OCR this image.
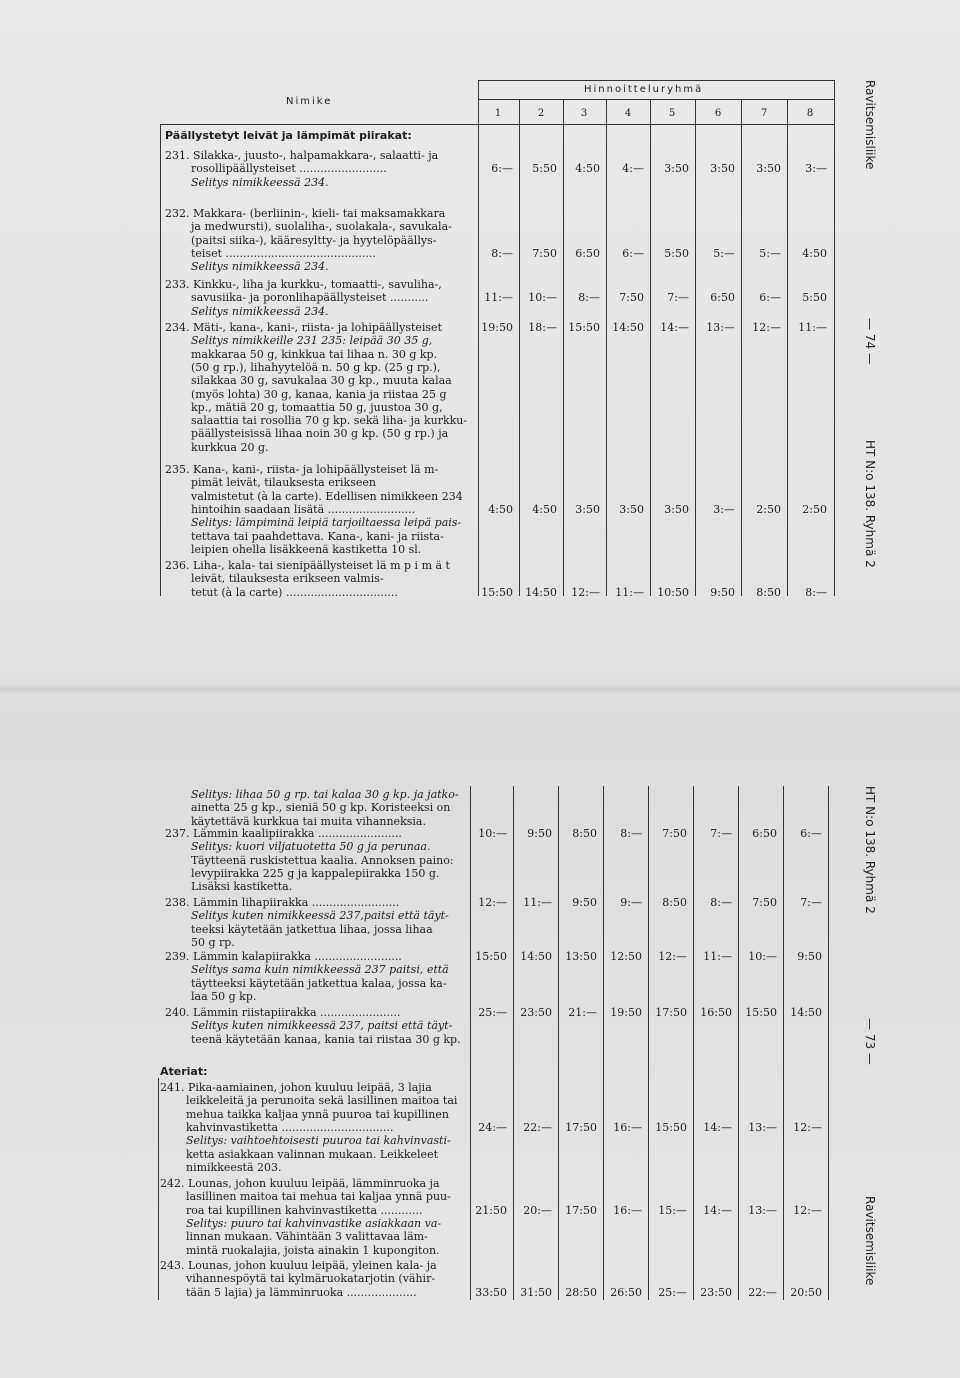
Nimike
Hinnoitteluryhmä
1	2	3	4	5	6	7	8
Päällystetyt leivät ja lämpimät piirakat:
231. Silakka-, juusto-, halpamakkara-, salaatti- ja
rosollipäällysteiset .........................
Selitys nimikkeessä 234.
6:—	5:50	4:50	4:—	3:50	3:50	3:50	3:—
232. Makkara- (berliinin-, kieli- tai maksamakkara
ja medwursti), suolaliha-, suolakala-, savukala-
(paitsi siika-), kääresyltty- ja hyytelöpäällys-
teiset ...........................................
Selitys nimikkeessä 234.
8:—	7:50	6:50	6:—	5:50	5:—	5:—	4:50
233. Kinkku-, liha ja kurkku-, tomaatti-, savuliha-,
savusiika- ja poronlihapäällysteiset ...........
Selitys nimikkeessä 234.
11:—	10:—	8:—	7:50	7:—	6:50	6:—	5:50
234. Mäti-, kana-, kani-, riista- ja lohipäällysteiset
Selitys nimikkeille 231 235: leipää 30 35 g,
makkaraa 50 g, kinkkua tai lihaa n. 30 g kp.
(50 g rp.), lihahyytelöä n. 50 g kp. (25 g rp.),
silakkaa 30 g, savukalaa 30 g kp., muuta kalaa
(myös lohta) 30 g, kanaa, kania ja riistaa 25 g
kp., mätiä 20 g, tomaattia 50 g, juustoa 30 g,
salaattia tai rosollia 70 g kp. sekä liha- ja kurkku-
päällysteisissä lihaa noin 30 g kp. (50 g rp.) ja
kurkkua 20 g.
19:50	18:— 15:50 14:50	14:—	13:—	12:—	11:—
235. Kana-, kani-, riista- ja lohipäällysteiset lä m-
pimät leivät, tilauksesta erikseen
valmistetut (à la carte). Edellisen nimikkeen 234
hintoihin saadaan lisätä .........................
Selitys: lämpiminä leipiä tarjoiltaessa leipä pais-
tettava tai paahdettava. Kana-, kani- ja riista-
leipien ohella lisäkkeenä kastiketta 10 sl.
4:50	4:50	3:50	3:50	3:50	3:—	2:50	2:50
236. Liha-, kala- tai sienipäällysteiset lä m p i m ä t
leivät, tilauksesta erikseen valmis-
tetut (à la carte) ................................	15:50 14:50	12:—	11:— 10:50	9:50	8:50	8:—
Ravitsemisliike
— 74 —
HT N:o 138. Ryhmä 2
Selitys: lihaa 50 g rp. tai kalaa 30 g kp. ja jatko-
ainetta 25 g kp., sieniä 50 g kp. Koristeeksi on
käytettävä kurkkua tai muita vihanneksia.
237. Lämmin kaalipiirakka ........................
Selitys: kuori viljatuotetta 50 g ja perunaa.
Täytteenä ruskistettua kaalia. Annoksen paino:
levypiirakka 225 g ja kappalepiirakka 150 g.
Lisäksi kastiketta.
10:—	9:50	8:50	8:—	7:50	7:—	6:50	6:—
238. Lämmin lihapiirakka .........................
Selitys kuten nimikkeessä 237,paitsi että täyt-
teeksi käytetään jatkettua lihaa, jossa lihaa
50 g rp.
12:—	11:—	9:50	9:—	8:50	8:—	7:50	7:—
239. Lämmin kalapiirakka .........................
Selitys sama kuin nimikkeessä 237 paitsi, että
täytteeksi käytetään jatkettua kalaa, jossa ka-
laa 50 g kp.
15:50 14:50 13:50 12:50	12:—	11:—	10:—	9:50
240. Lämmin riistapiirakka .......................
Selitys kuten nimikkeessä 237, paitsi että täyt-
teenä käytetään kanaa, kania tai riistaa 30 g kp.
25:— 23:50	21:— 19:50 17:50 16:50 15:50 14:50
Ateriat:
241. Pika-aamiainen, johon kuuluu leipää, 3 lajia
leikkeleitä ja perunoita sekä lasillinen maitoa tai
mehua taikka kaljaa ynnä puuroa tai kupillinen
kahvinvastiketta ................................
Selitys: vaihtoehtoisesti puuroa tai kahvinvasti-
ketta asiakkaan valinnan mukaan. Leikkeleet
nimikkeestä 203.
24:—	22:— 17:50	16:— 15:50	14:—	13:—	12:—
242. Lounas, johon kuuluu leipää, lämminruoka ja
lasillinen maitoa tai mehua tai kaljaa ynnä puu-
roa tai kupillinen kahvinvastiketta ............
Selitys: puuro tai kahvinvastike asiakkaan va-
linnan mukaan. Vähintään 3 valittavaa läm-
mintä ruokalajia, joista ainakin 1 kupongiton.
21:50	20:— 17:50	16:—	15:—	14:—	13:—	12:—
243. Lounas, johon kuuluu leipää, yleinen kala- ja
vihannespöytä tai kylmäruokatarjotin (vähir-
tään 5 lajia) ja lämminruoka ....................	33:50 31:50 28:50 26:50	25:— 23:50	22:— 20:50
HT N:o 138. Ryhmä 2
— 73 —
Ravitsemisliike
